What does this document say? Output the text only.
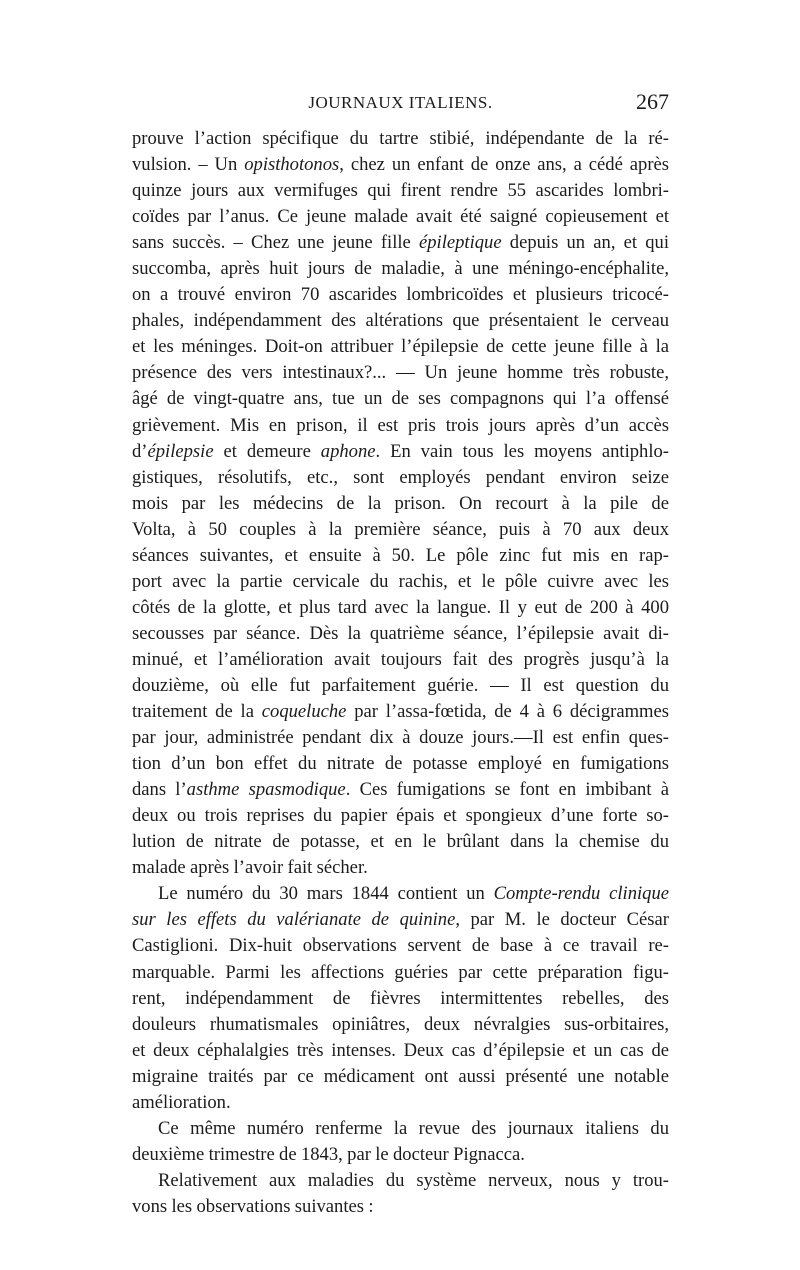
JOURNAUX ITALIENS.	267
prouve l’action spécifique du tartre stibié, indépendante de la ré-
vulsion. – Un opisthotonos, chez un enfant de onze ans, a cédé après
quinze jours aux vermifuges qui firent rendre 55 ascarides lombri-
coïdes par l’anus. Ce jeune malade avait été saigné copieusement et
sans succès. – Chez une jeune fille épileptique depuis un an, et qui
succomba, après huit jours de maladie, à une méningo-encéphalite,
on a trouvé environ 70 ascarides lombricoïdes et plusieurs tricocé-
phales, indépendamment des altérations que présentaient le cerveau
et les méninges. Doit-on attribuer l’épilepsie de cette jeune fille à la
présence des vers intestinaux?... — Un jeune homme très robuste,
âgé de vingt-quatre ans, tue un de ses compagnons qui l’a offensé
grièvement. Mis en prison, il est pris trois jours après d’un accès
d’épilepsie et demeure aphone. En vain tous les moyens antiphlo-
gistiques, résolutifs, etc., sont employés pendant environ seize
mois par les médecins de la prison. On recourt à la pile de
Volta, à 50 couples à la première séance, puis à 70 aux deux
séances suivantes, et ensuite à 50. Le pôle zinc fut mis en rap-
port avec la partie cervicale du rachis, et le pôle cuivre avec les
côtés de la glotte, et plus tard avec la langue. Il y eut de 200 à 400
secousses par séance. Dès la quatrième séance, l’épilepsie avait di-
minué, et l’amélioration avait toujours fait des progrès jusqu’à la
douzième, où elle fut parfaitement guérie. — Il est question du
traitement de la coqueluche par l’assa-fœtida, de 4 à 6 décigrammes
par jour, administrée pendant dix à douze jours.—Il est enfin ques-
tion d’un bon effet du nitrate de potasse employé en fumigations
dans l’asthme spasmodique. Ces fumigations se font en imbibant à
deux ou trois reprises du papier épais et spongieux d’une forte so-
lution de nitrate de potasse, et en le brûlant dans la chemise du
malade après l’avoir fait sécher.
Le numéro du 30 mars 1844 contient un Compte-rendu clinique
sur les effets du valérianate de quinine, par M. le docteur César
Castiglioni. Dix-huit observations servent de base à ce travail re-
marquable. Parmi les affections guéries par cette préparation figu-
rent, indépendamment de fièvres intermittentes rebelles, des
douleurs rhumatismales opiniâtres, deux névralgies sus-orbitaires,
et deux céphalalgies très intenses. Deux cas d’épilepsie et un cas de
migraine traités par ce médicament ont aussi présenté une notable
amélioration.
Ce même numéro renferme la revue des journaux italiens du
deuxième trimestre de 1843, par le docteur Pignacca.
Relativement aux maladies du système nerveux, nous y trou-
vons les observations suivantes :
